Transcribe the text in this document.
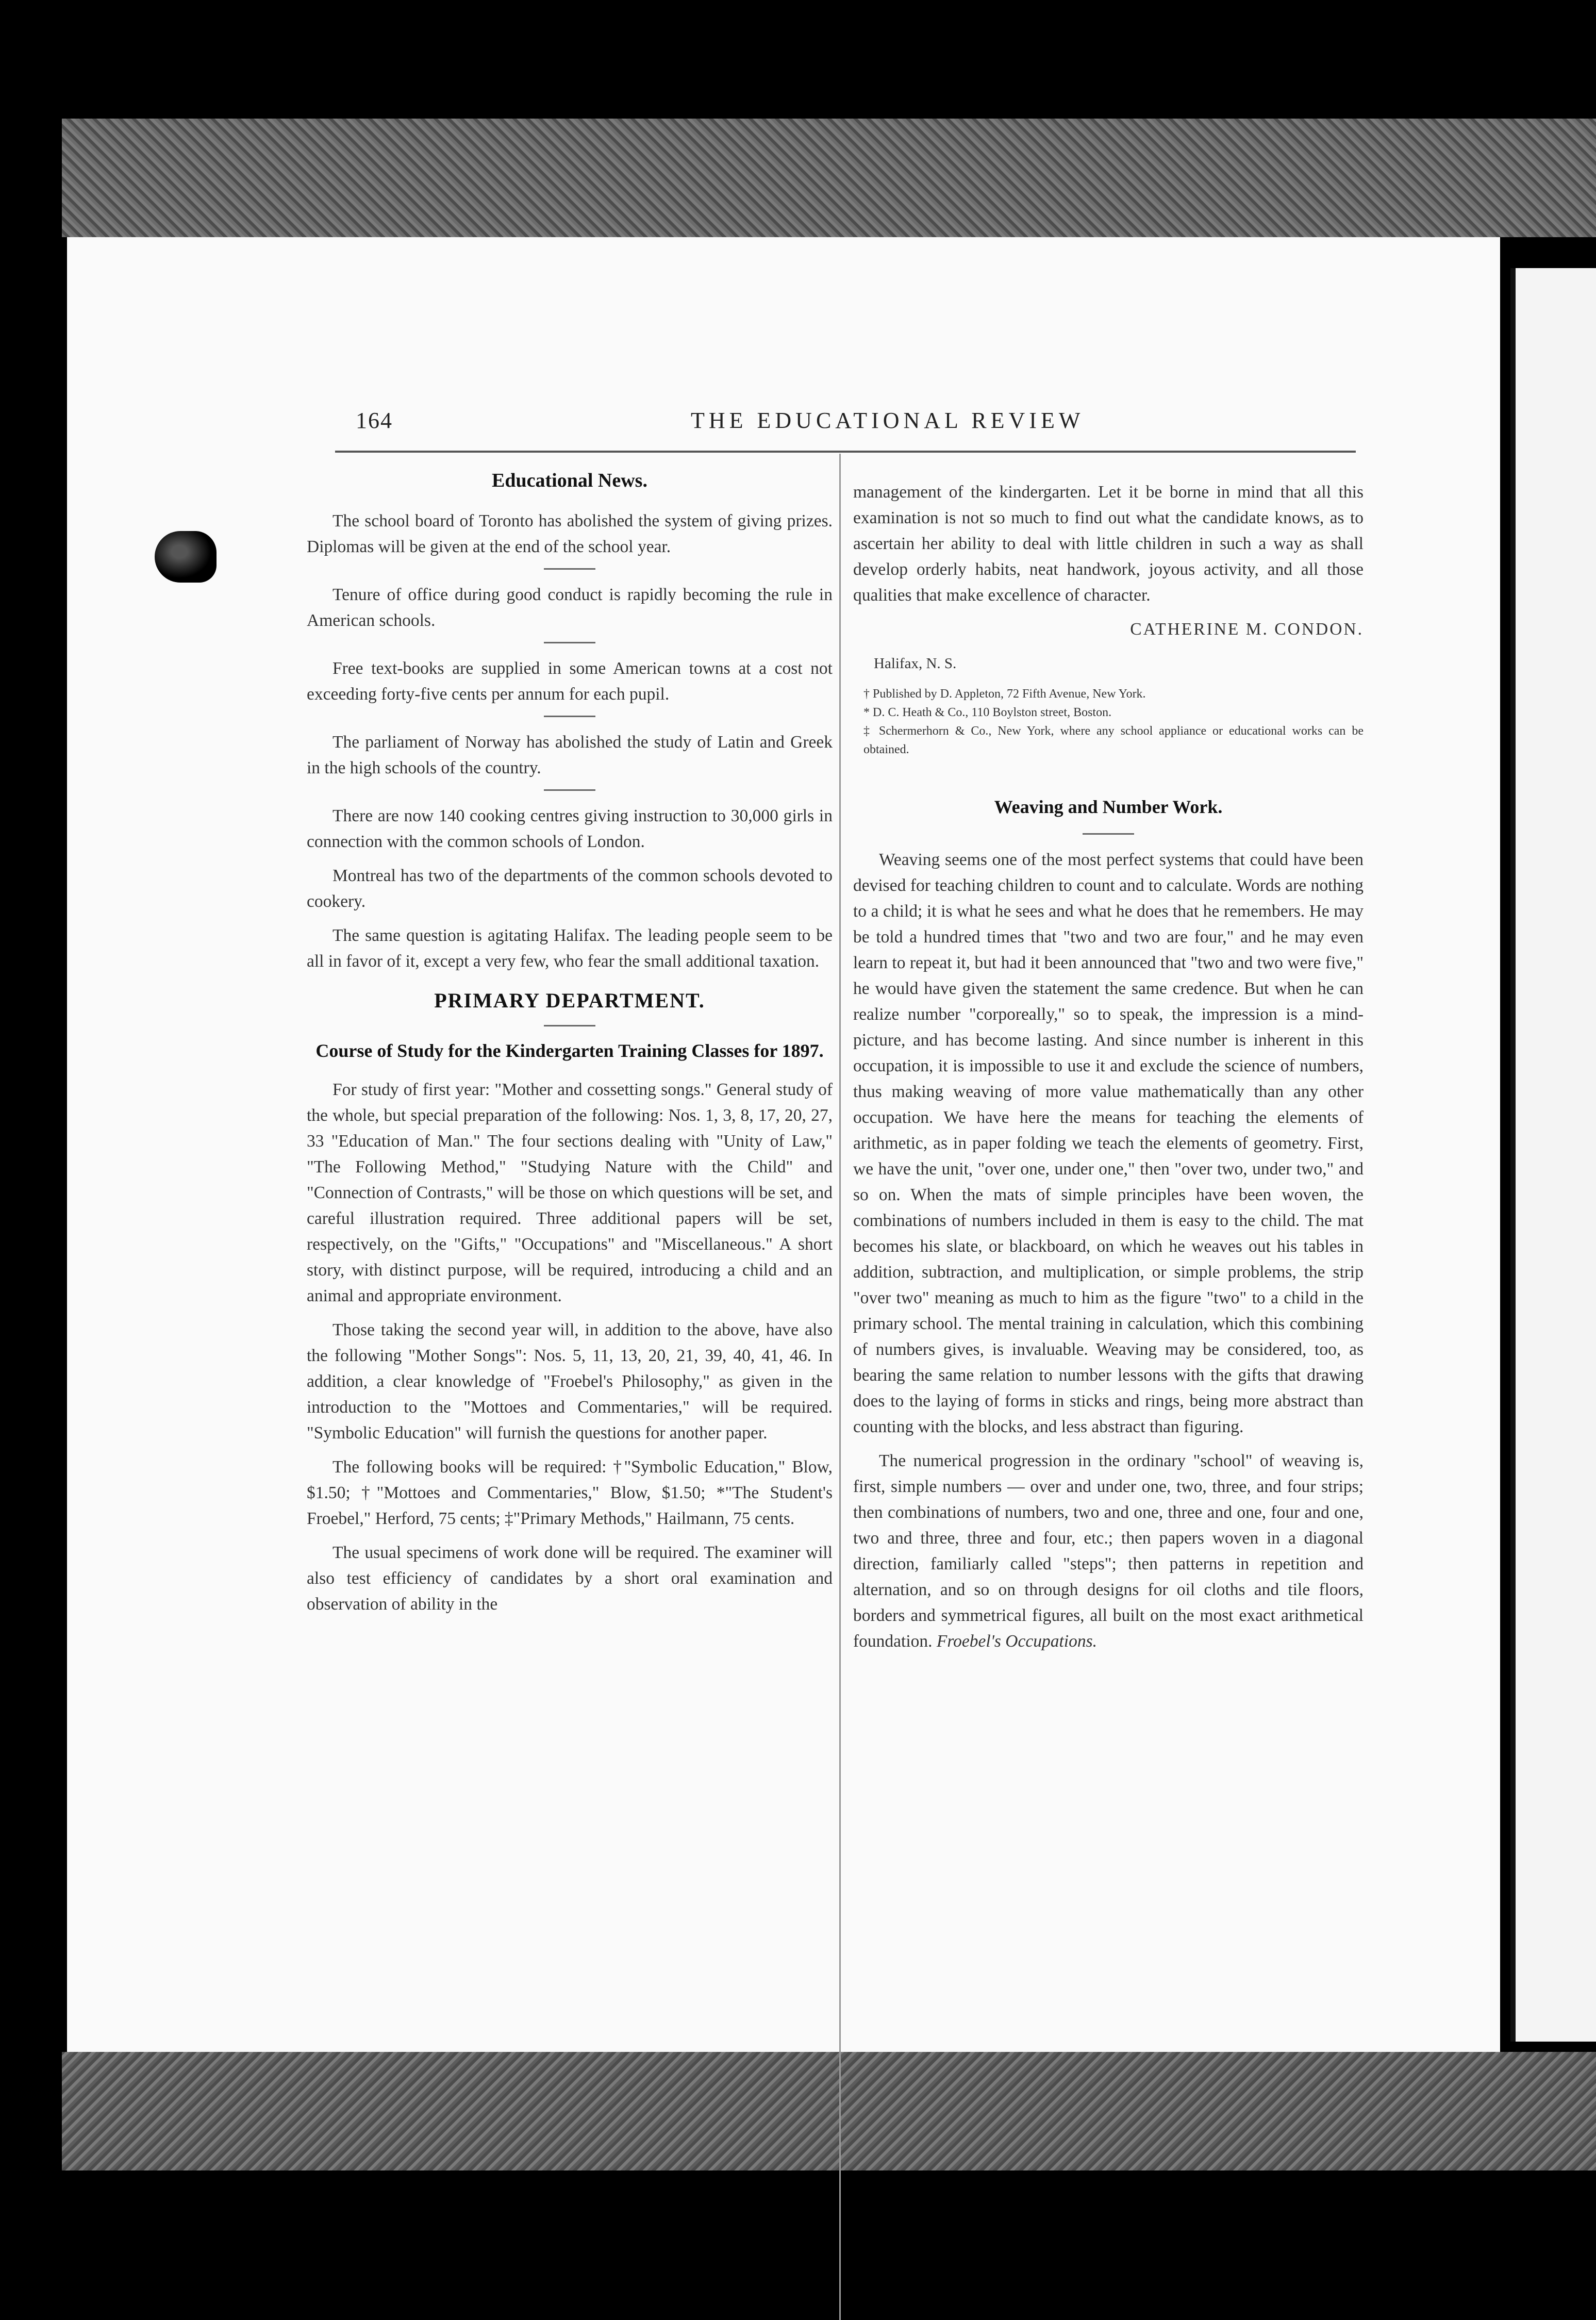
164	THE EDUCATIONAL REVIEW
Educational News.

The school board of Toronto has abolished the system of giving prizes. Diplomas will be given at the end of the school year.

Tenure of office during good conduct is rapidly becoming the rule in American schools.

Free text-books are supplied in some American towns at a cost not exceeding forty-five cents per annum for each pupil.

The parliament of Norway has abolished the study of Latin and Greek in the high schools of the country.

There are now 140 cooking centres giving instruction to 30,000 girls in connection with the common schools of London.

Montreal has two of the departments of the common schools devoted to cookery.

The same question is agitating Halifax. The leading people seem to be all in favor of it, except a very few, who fear the small additional taxation.

PRIMARY DEPARTMENT.
Course of Study for the Kindergarten Training Classes for 1897.

For study of first year: "Mother and cossetting songs." General study of the whole, but special preparation of the following: Nos. 1, 3, 8, 17, 20, 27, 33 "Education of Man." The four sections dealing with "Unity of Law," "The Following Method," "Studying Nature with the Child" and "Connection of Contrasts," will be those on which questions will be set, and careful illustration required. Three additional papers will be set, respectively, on the "Gifts," "Occupations" and "Miscellaneous." A short story, with distinct purpose, will be required, introducing a child and an animal and appropriate environment.

Those taking the second year will, in addition to the above, have also the following "Mother Songs": Nos. 5, 11, 13, 20, 21, 39, 40, 41, 46. In addition, a clear knowledge of "Froebel's Philosophy," as given in the introduction to the "Mottoes and Commentaries," will be required. "Symbolic Education" will furnish the questions for another paper.

The following books will be required: †"Symbolic Education," Blow, $1.50; †"Mottoes and Commentaries," Blow, $1.50; *"The Student's Froebel," Herford, 75 cents; ‡"Primary Methods," Hailmann, 75 cents.

The usual specimens of work done will be required. The examiner will also test efficiency of candidates by a short oral examination and observation of ability in the

management of the kindergarten. Let it be borne in mind that all this examination is not so much to find out what the candidate knows, as to ascertain her ability to deal with little children in such a way as shall develop orderly habits, neat handwork, joyous activity, and all those qualities that make excellence of character.

CATHERINE M. CONDON.

Halifax, N. S.

† Published by D. Appleton, 72 Fifth Avenue, New York.
* D. C. Heath & Co., 110 Boylston street, Boston.
‡ Schermerhorn & Co., New York, where any school appliance or educational works can be obtained.
Weaving and Number Work.

Weaving seems one of the most perfect systems that could have been devised for teaching children to count and to calculate. Words are nothing to a child; it is what he sees and what he does that he remembers. He may be told a hundred times that "two and two are four," and he may even learn to repeat it, but had it been announced that "two and two were five," he would have given the statement the same credence. But when he can realize number "corporeally," so to speak, the impression is a mind-picture, and has become lasting. And since number is inherent in this occupation, it is impossible to use it and exclude the science of numbers, thus making weaving of more value mathematically than any other occupation. We have here the means for teaching the elements of arithmetic, as in paper folding we teach the elements of geometry. First, we have the unit, "over one, under one," then "over two, under two," and so on. When the mats of simple principles have been woven, the combinations of numbers included in them is easy to the child. The mat becomes his slate, or blackboard, on which he weaves out his tables in addition, subtraction, and multiplication, or simple problems, the strip "over two" meaning as much to him as the figure "two" to a child in the primary school. The mental training in calculation, which this combining of numbers gives, is invaluable. Weaving may be considered, too, as bearing the same relation to number lessons with the gifts that drawing does to the laying of forms in sticks and rings, being more abstract than counting with the blocks, and less abstract than figuring.

The numerical progression in the ordinary "school" of weaving is, first, simple numbers — over and under one, two, three, and four strips; then combinations of numbers, two and one, three and one, four and one, two and three, three and four, etc.; then papers woven in a diagonal direction, familiarly called "steps"; then patterns in repetition and alternation, and so on through designs for oil cloths and tile floors, borders and symmetrical figures, all built on the most exact arithmetical foundation. Froebel's Occupations.
